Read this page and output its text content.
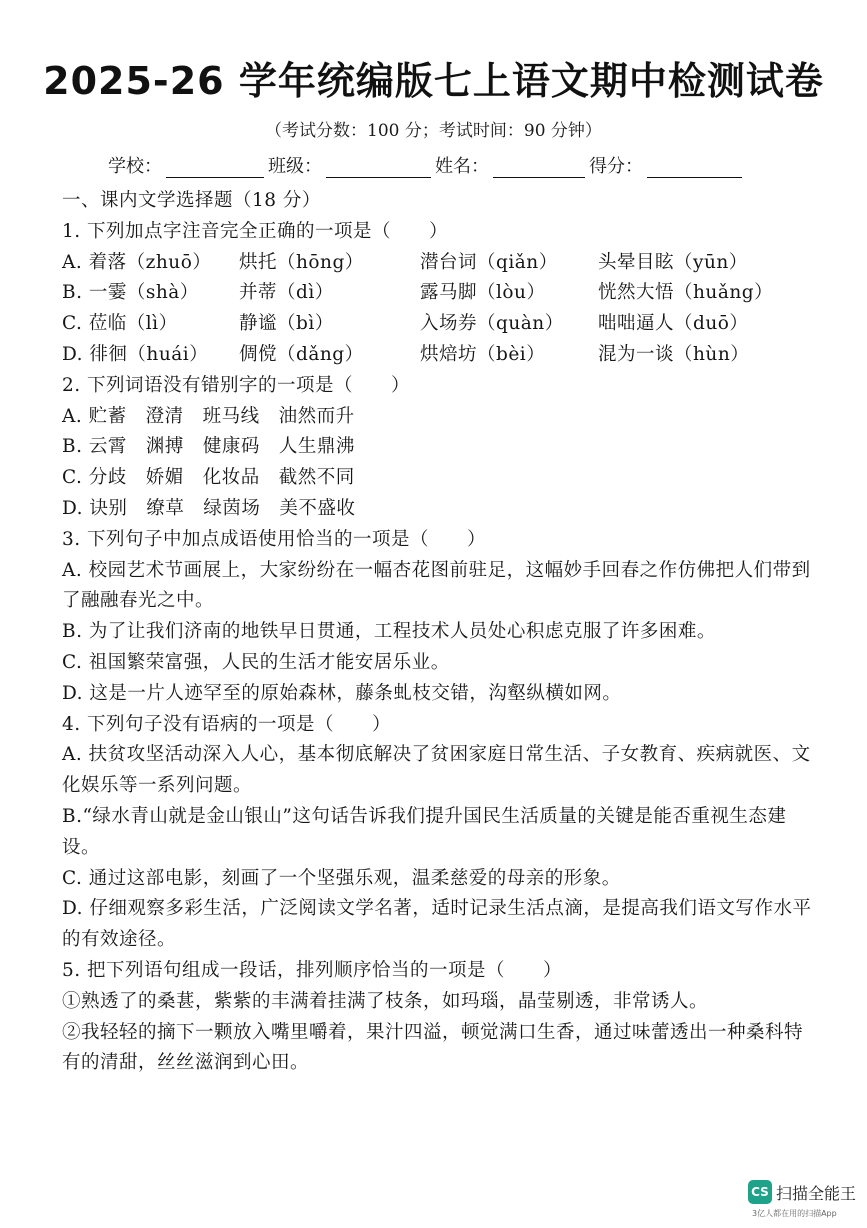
2025-26 学年统编版七上语文期中检测试卷
（考试分数：100 分；考试时间：90 分钟）
学校：	班级：	姓名：	得分：
一、课内文学选择题（18 分）
1. 下列加点字注音完全正确的一项是（　　）
A. 着落（zhuō）	烘托（hōng）	潜台词（qiǎn）	头晕目眩（yūn）
B. 一霎（shà）	并蒂（dì）	露马脚（lòu）	恍然大悟（huǎng）
C. 莅临（lì）	静谧（bì）	入场券（quàn）	咄咄逼人（duō）
D. 徘徊（huái）	倜傥（dǎng）	烘焙坊（bèi）	混为一谈（hùn）
2. 下列词语没有错别字的一项是（　　）
A. 贮蓄　澄清　班马线　油然而升
B. 云霄　渊搏　健康码　人生鼎沸
C. 分歧　娇媚　化妆品　截然不同
D. 诀别　缭草　绿茵场　美不盛收
3. 下列句子中加点成语使用恰当的一项是（　　）
A. 校园艺术节画展上，大家纷纷在一幅杏花图前驻足，这幅妙手回春之作仿佛把人们带到了融融春光之中。
B. 为了让我们济南的地铁早日贯通，工程技术人员处心积虑克服了许多困难。
C. 祖国繁荣富强，人民的生活才能安居乐业。
D. 这是一片人迹罕至的原始森林，藤条虬枝交错，沟壑纵横如网。
4. 下列句子没有语病的一项是（　　）
A. 扶贫攻坚活动深入人心，基本彻底解决了贫困家庭日常生活、子女教育、疾病就医、文化娱乐等一系列问题。
B.“绿水青山就是金山银山”这句话告诉我们提升国民生活质量的关键是能否重视生态建设。
C. 通过这部电影，刻画了一个坚强乐观，温柔慈爱的母亲的形象。
D. 仔细观察多彩生活，广泛阅读文学名著，适时记录生活点滴，是提高我们语文写作水平的有效途径。
5. 把下列语句组成一段话，排列顺序恰当的一项是（　　）
①熟透了的桑葚，紫紫的丰满着挂满了枝条，如玛瑙，晶莹剔透，非常诱人。
②我轻轻的摘下一颗放入嘴里嚼着，果汁四溢，顿觉满口生香，通过味蕾透出一种桑科特有的清甜，丝丝滋润到心田。
CS 扫描全能王
3亿人都在用的扫描App
